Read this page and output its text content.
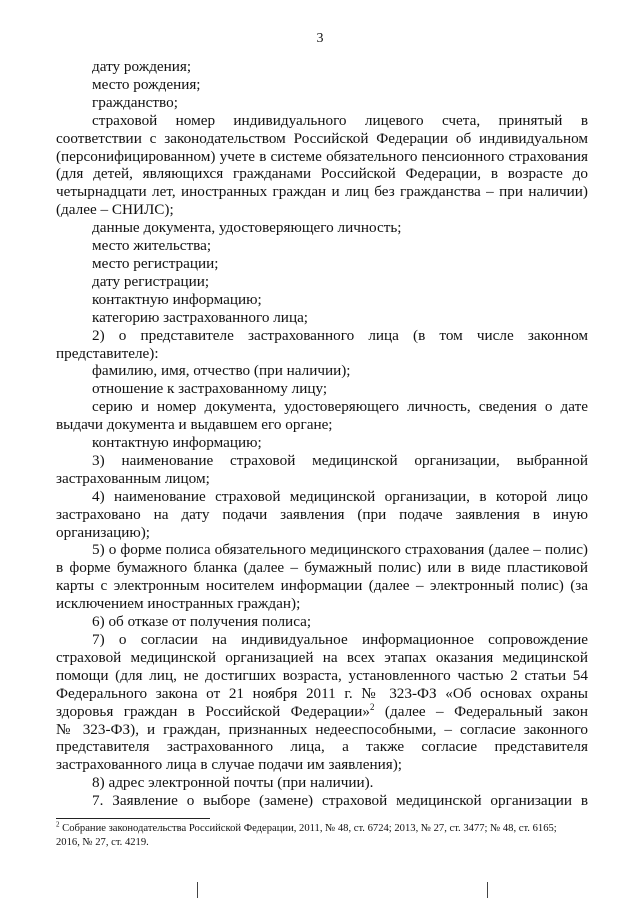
3

дату рождения;

место рождения;

гражданство;

страховой номер индивидуального лицевого счета, принятый в
соответствии с законодательством Российской Федерации об индивидуальном
(персонифицированном) учете в системе обязательного пенсионного страхования
(для детей, являющихся гражданами Российской Федерации, в возрасте до
четырнадцати лет, иностранных граждан и лиц без гражданства – при наличии)
(далее – СНИЛС);

данные документа, удостоверяющего личность;

место жительства;

место регистрации;

дату регистрации;

контактную информацию;

категорию застрахованного лица;

2) о представителе застрахованного лица (в том числе законном
представителе):

фамилию, имя, отчество (при наличии);

отношение к застрахованному лицу;

серию и номер документа, удостоверяющего личность, сведения о дате
выдачи документа и выдавшем его органе;

контактную информацию;

3) наименование страховой медицинской организации, выбранной
застрахованным лицом;
4) наименование страховой медицинской организации, в которой лицо
застраховано на дату подачи заявления (при подаче заявления в иную
организацию);
5) о форме полиса обязательного медицинского страхования (далее – полис)
в форме бумажного бланка (далее – бумажный полис) или в виде пластиковой
карты с электронным носителем информации (далее – электронный полис) (за
исключением иностранных граждан);

6) об отказе от получения полиса;

7) о согласии на индивидуальное информационное сопровождение
страховой медицинской организацией на всех этапах оказания медицинской
помощи (для лиц, не достигших возраста, установленного частью 2 статьи 54
Федерального закона от 21 ноября 2011 г. № 323-ФЗ «Об основах охраны
здоровья граждан в Российской Федерации»$^2$ (далее – Федеральный закон
№ 323-ФЗ), и граждан, признанных недееспособными, – согласие законного
представителя застрахованного лица, а также согласие представителя
застрахованного лица в случае подачи им заявления);

8) адрес электронной почты (при наличии).

7. Заявление о выборе (замене) страховой медицинской организации в
$^2$ Собрание законодательства Российской Федерации, 2011, № 48, ст. 6724; 2013, № 27, ст. 3477; № 48, ст. 6165;
2016, № 27, ст. 4219.
